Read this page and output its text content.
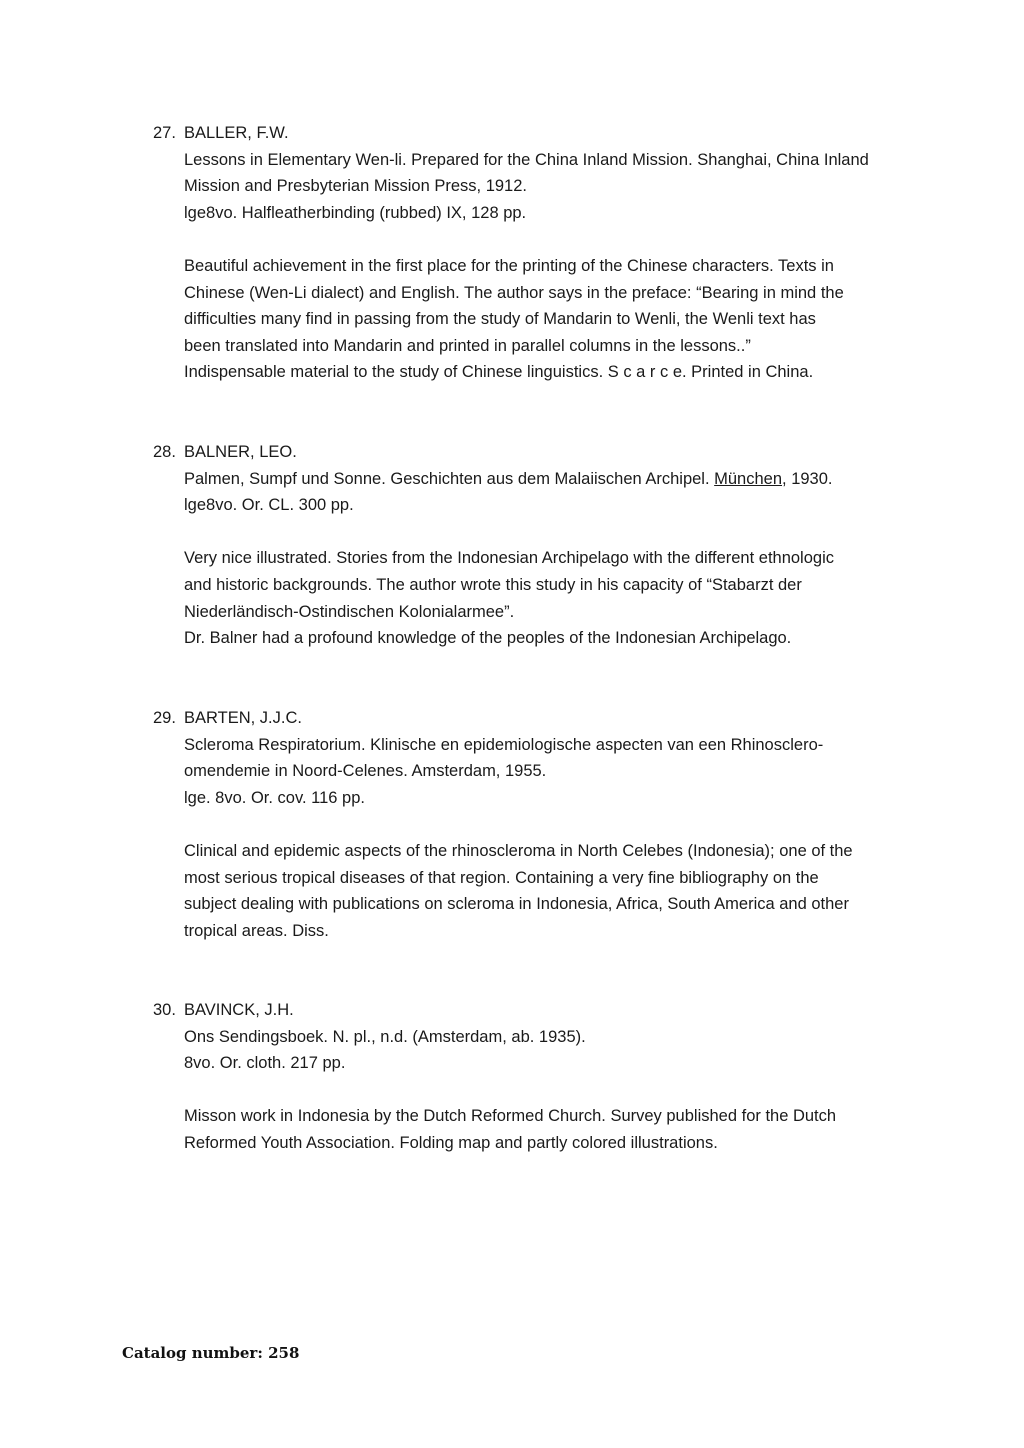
27. BALLER, F.W.
Lessons in Elementary Wen-li. Prepared for the China Inland Mission. Shanghai, China Inland
Mission and Presbyterian Mission Press, 1912.
lge8vo. Halfleatherbinding (rubbed) IX, 128 pp.
Beautiful achievement in the first place for the printing of the Chinese characters. Texts in
Chinese (Wen-Li dialect) and English. The author says in the preface: “Bearing in mind the
difficulties many find in passing from the study of Mandarin to Wenli, the Wenli text has
been translated into Mandarin and printed in parallel columns in the lessons..”
Indispensable material to the study of Chinese linguistics. S c a r c e. Printed in China.
28. BALNER, LEO.
Palmen, Sumpf und Sonne. Geschichten aus dem Malaiischen Archipel. München, 1930.
lge8vo. Or. CL. 300 pp.
Very nice illustrated. Stories from the Indonesian Archipelago with the different ethnologic
and historic backgrounds. The author wrote this study in his capacity of “Stabarzt der
Niederländisch-Ostindischen Kolonialarmee”.
Dr. Balner had a profound knowledge of the peoples of the Indonesian Archipelago.
29. BARTEN, J.J.C.
Scleroma Respiratorium. Klinische en epidemiologische aspecten van een Rhinosclero-
omendemie in Noord-Celenes. Amsterdam, 1955.
lge. 8vo. Or. cov. 116 pp.
Clinical and epidemic aspects of the rhinoscleroma in North Celebes (Indonesia); one of the
most serious tropical diseases of that region. Containing a very fine bibliography on the
subject dealing with publications on scleroma in Indonesia, Africa, South America and other
tropical areas. Diss.
30. BAVINCK, J.H.
Ons Sendingsboek. N. pl., n.d. (Amsterdam, ab. 1935).
8vo. Or. cloth. 217 pp.
Misson work in Indonesia by the Dutch Reformed Church. Survey published for the Dutch
Reformed Youth Association. Folding map and partly colored illustrations.
Catalog number: 258
